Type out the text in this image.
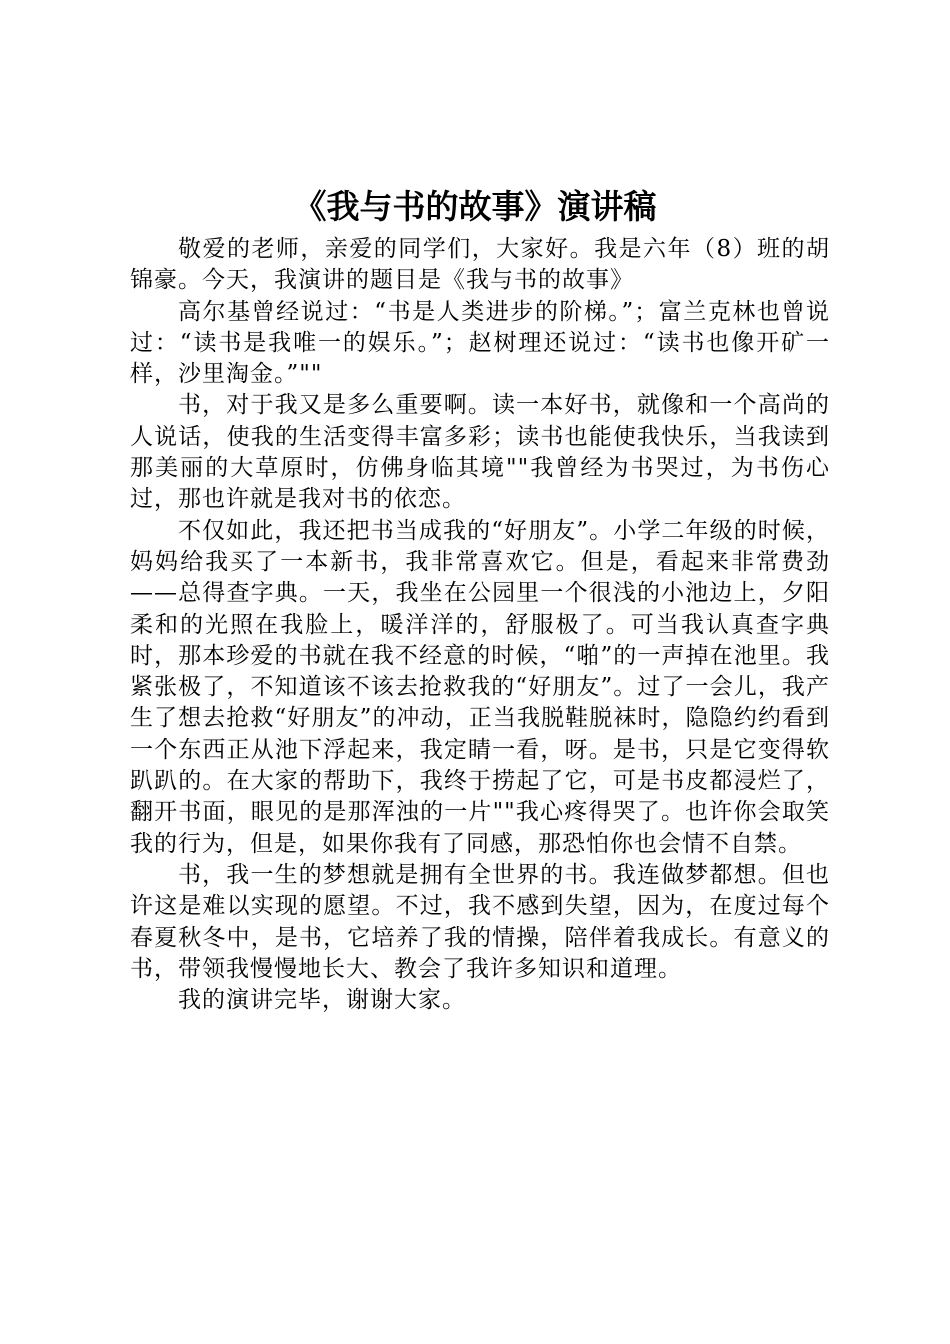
《我与书的故事》演讲稿

敬爱的老师，亲爱的同学们，大家好。我是六年（8）班的胡锦豪。今天，我演讲的题目是《我与书的故事》

高尔基曾经说过：“书是人类进步的阶梯。”；富兰克林也曾说过：“读书是我唯一的娱乐。”；赵树理还说过：“读书也像开矿一样，沙里淘金。”""

书，对于我又是多么重要啊。读一本好书，就像和一个高尚的人说话，使我的生活变得丰富多彩；读书也能使我快乐，当我读到那美丽的大草原时，仿佛身临其境""我曾经为书哭过，为书伤心过，那也许就是我对书的依恋。

不仅如此，我还把书当成我的“好朋友”。小学二年级的时候，妈妈给我买了一本新书，我非常喜欢它。但是，看起来非常费劲——总得查字典。一天，我坐在公园里一个很浅的小池边上，夕阳柔和的光照在我脸上，暖洋洋的，舒服极了。可当我认真查字典时，那本珍爱的书就在我不经意的时候，“啪”的一声掉在池里。我紧张极了，不知道该不该去抢救我的“好朋友”。过了一会儿，我产生了想去抢救“好朋友”的冲动，正当我脱鞋脱袜时，隐隐约约看到一个东西正从池下浮起来，我定睛一看，呀。是书，只是它变得软趴趴的。在大家的帮助下，我终于捞起了它，可是书皮都浸烂了，翻开书面，眼见的是那浑浊的一片""我心疼得哭了。也许你会取笑我的行为，但是，如果你我有了同感，那恐怕你也会情不自禁。

书，我一生的梦想就是拥有全世界的书。我连做梦都想。但也许这是难以实现的愿望。不过，我不感到失望，因为，在度过每个春夏秋冬中，是书，它培养了我的情操，陪伴着我成长。有意义的书，带领我慢慢地长大、教会了我许多知识和道理。

我的演讲完毕，谢谢大家。
